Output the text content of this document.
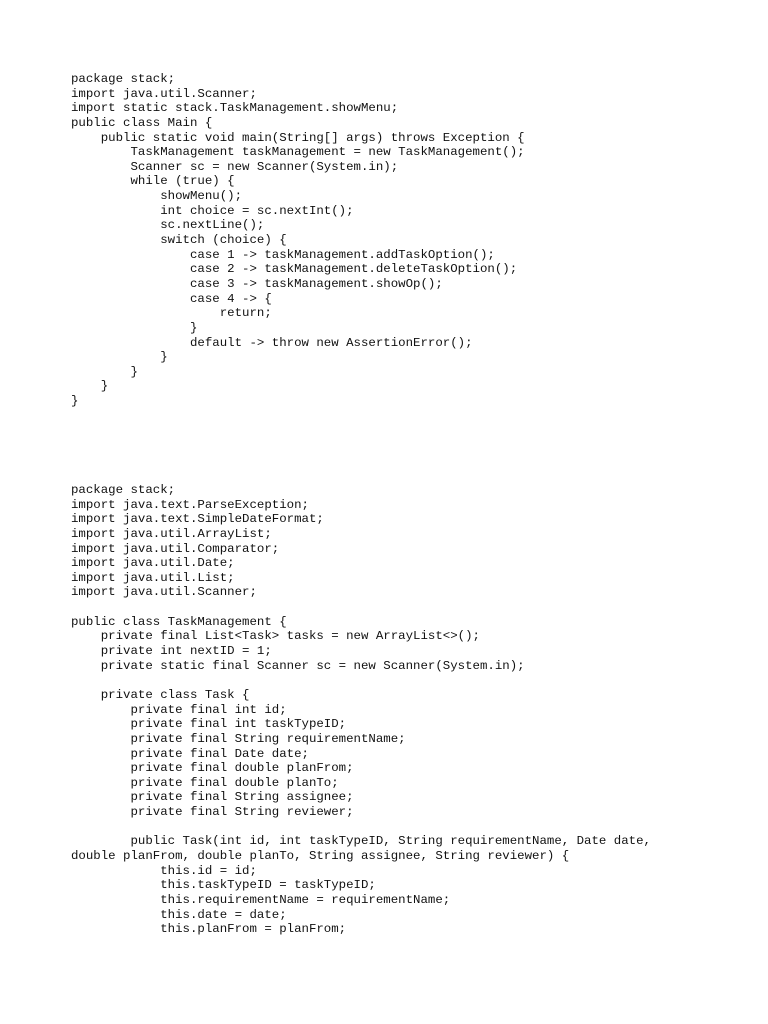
package stack;
import java.util.Scanner;
import static stack.TaskManagement.showMenu;
public class Main {
public static void main(String[] args) throws Exception {
TaskManagement taskManagement = new TaskManagement();
Scanner sc = new Scanner(System.in);
while (true) {
showMenu();
int choice = sc.nextInt();
sc.nextLine();
switch (choice) {
case 1 -> taskManagement.addTaskOption();
case 2 -> taskManagement.deleteTaskOption();
case 3 -> taskManagement.showOp();
case 4 -> {
return;
}
default -> throw new AssertionError();
}
}
}
}
package stack;
import java.text.ParseException;
import java.text.SimpleDateFormat;
import java.util.ArrayList;
import java.util.Comparator;
import java.util.Date;
import java.util.List;
import java.util.Scanner;
public class TaskManagement {
private final List<Task> tasks = new ArrayList<>();
private int nextID = 1;
private static final Scanner sc = new Scanner(System.in);
private class Task {
private final int id;
private final int taskTypeID;
private final String requirementName;
private final Date date;
private final double planFrom;
private final double planTo;
private final String assignee;
private final String reviewer;
public Task(int id, int taskTypeID, String requirementName, Date date,
double planFrom, double planTo, String assignee, String reviewer) {
this.id = id;
this.taskTypeID = taskTypeID;
this.requirementName = requirementName;
this.date = date;
this.planFrom = planFrom;
